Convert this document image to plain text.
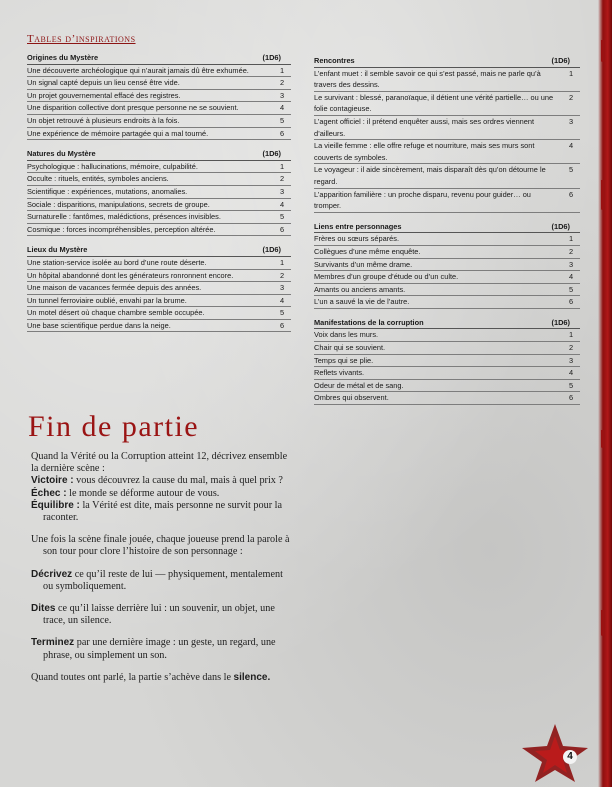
Tables d’inspirations
Origines du Mystère	(1D6)
Une découverte archéologique qui n’aurait jamais dû être exhumée.	1
Un signal capté depuis un lieu censé être vide.	2
Un projet gouvernemental effacé des registres.	3
Une disparition collective dont presque personne ne se souvient.	4
Un objet retrouvé à plusieurs endroits à la fois.	5
Une expérience de mémoire partagée qui a mal tourné.	6
Natures du Mystère	(1D6)
Psychologique : hallucinations, mémoire, culpabilité.	1
Occulte : rituels, entités, symboles anciens.	2
Scientifique : expériences, mutations, anomalies.	3
Sociale : disparitions, manipulations, secrets de groupe.	4
Surnaturelle : fantômes, malédictions, présences invisibles.	5
Cosmique : forces incompréhensibles, perception altérée.	6
Lieux du Mystère	(1D6)
Une station-service isolée au bord d’une route déserte.	1
Un hôpital abandonné dont les générateurs ronronnent encore.	2
Une maison de vacances fermée depuis des années.	3
Un tunnel ferroviaire oublié, envahi par la brume.	4
Un motel désert où chaque chambre semble occupée.	5
Une base scientifique perdue dans la neige.	6
Rencontres	(1D6)
L’enfant muet : il semble savoir ce qui s’est passé, mais ne parle qu’à travers des dessins.
1
Le survivant : blessé, paranoïaque, il détient une vérité partielle… ou une folie contagieuse.
2
L’agent officiel : il prétend enquêter aussi, mais ses ordres viennent d’ailleurs.
3
La vieille femme : elle offre refuge et nourriture, mais ses murs sont couverts de symboles.
4
Le voyageur : il aide sincèrement, mais disparaît dès qu’on détourne le regard.
5
L’apparition familière : un proche disparu, revenu pour guider… ou tromper.
6
Liens entre personnages	(1D6)
Frères ou sœurs séparés.	1
Collègues d’une même enquête.	2
Survivants d’un même drame.	3
Membres d’un groupe d’étude ou d’un culte.	4
Amants ou anciens amants.	5
L’un a sauvé la vie de l’autre.	6
Manifestations de la corruption	(1D6)
Voix dans les murs.	1
Chair qui se souvient.	2
Temps qui se plie.	3
Reflets vivants.	4
Odeur de métal et de sang.	5
Ombres qui observent.	6
Fin de partie

Quand la Vérité ou la Corruption atteint 12, décrivez ensemble la dernière scène :

Victoire : vous découvrez la cause du mal, mais à quel prix ?

Échec : le monde se déforme autour de vous.

Équilibre : la Vérité est dite, mais personne ne survit pour la raconter.

Une fois la scène finale jouée, chaque joueuse prend la parole à son tour pour clore l’histoire de son personnage :

Décrivez ce qu’il reste de lui — physiquement, mentalement ou symboliquement.

Dites ce qu’il laisse derrière lui : un souvenir, un objet, une trace, un silence.

Terminez par une dernière image : un geste, un regard, une phrase, ou simplement un son.

Quand toutes ont parlé, la partie s’achève dans le silence.

4
